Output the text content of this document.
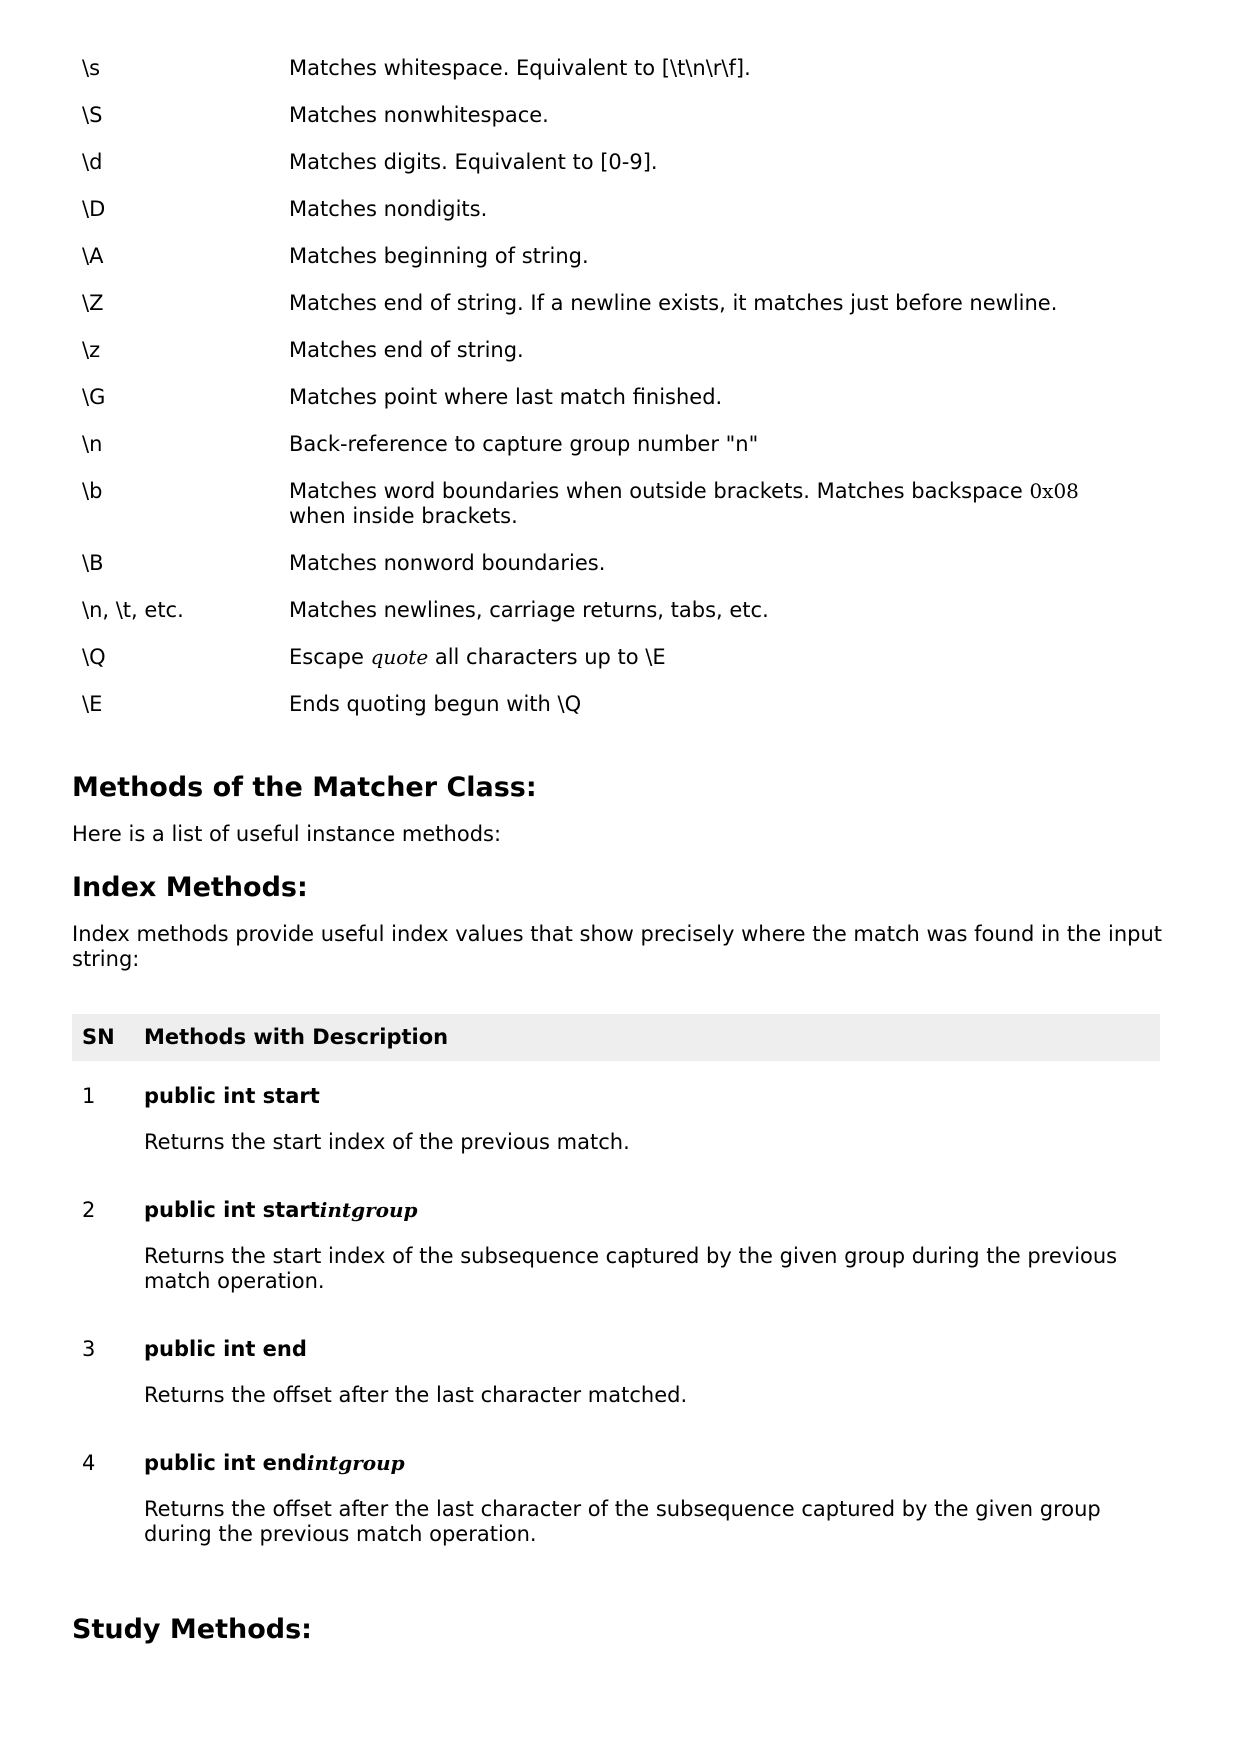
\s	Matches whitespace. Equivalent to [\t\n\r\f].
\S	Matches nonwhitespace.
\d	Matches digits. Equivalent to [0-9].
\D	Matches nondigits.
\A	Matches beginning of string.
\Z	Matches end of string. If a newline exists, it matches just before newline.
\z	Matches end of string.
\G	Matches point where last match finished.
\n	Back-reference to capture group number "n"
\b	Matches word boundaries when outside brackets. Matches backspace 0x08
when inside brackets.
\B	Matches nonword boundaries.
\n, \t, etc.	Matches newlines, carriage returns, tabs, etc.
\Q	Escape quote all characters up to \E
\E	Ends quoting begun with \Q
Methods of the Matcher Class:

Here is a list of useful instance methods:

Index Methods:

Index methods provide useful index values that show precisely where the match was found in the input string:

SN Methods with Description
1 public int start
Returns the start index of the previous match.
2 public int startintgroup
Returns the start index of the subsequence captured by the given group during the previous match operation.
3 public int end
Returns the offset after the last character matched.
4 public int endintgroup
Returns the offset after the last character of the subsequence captured by the given group during the previous match operation.
Study Methods:
